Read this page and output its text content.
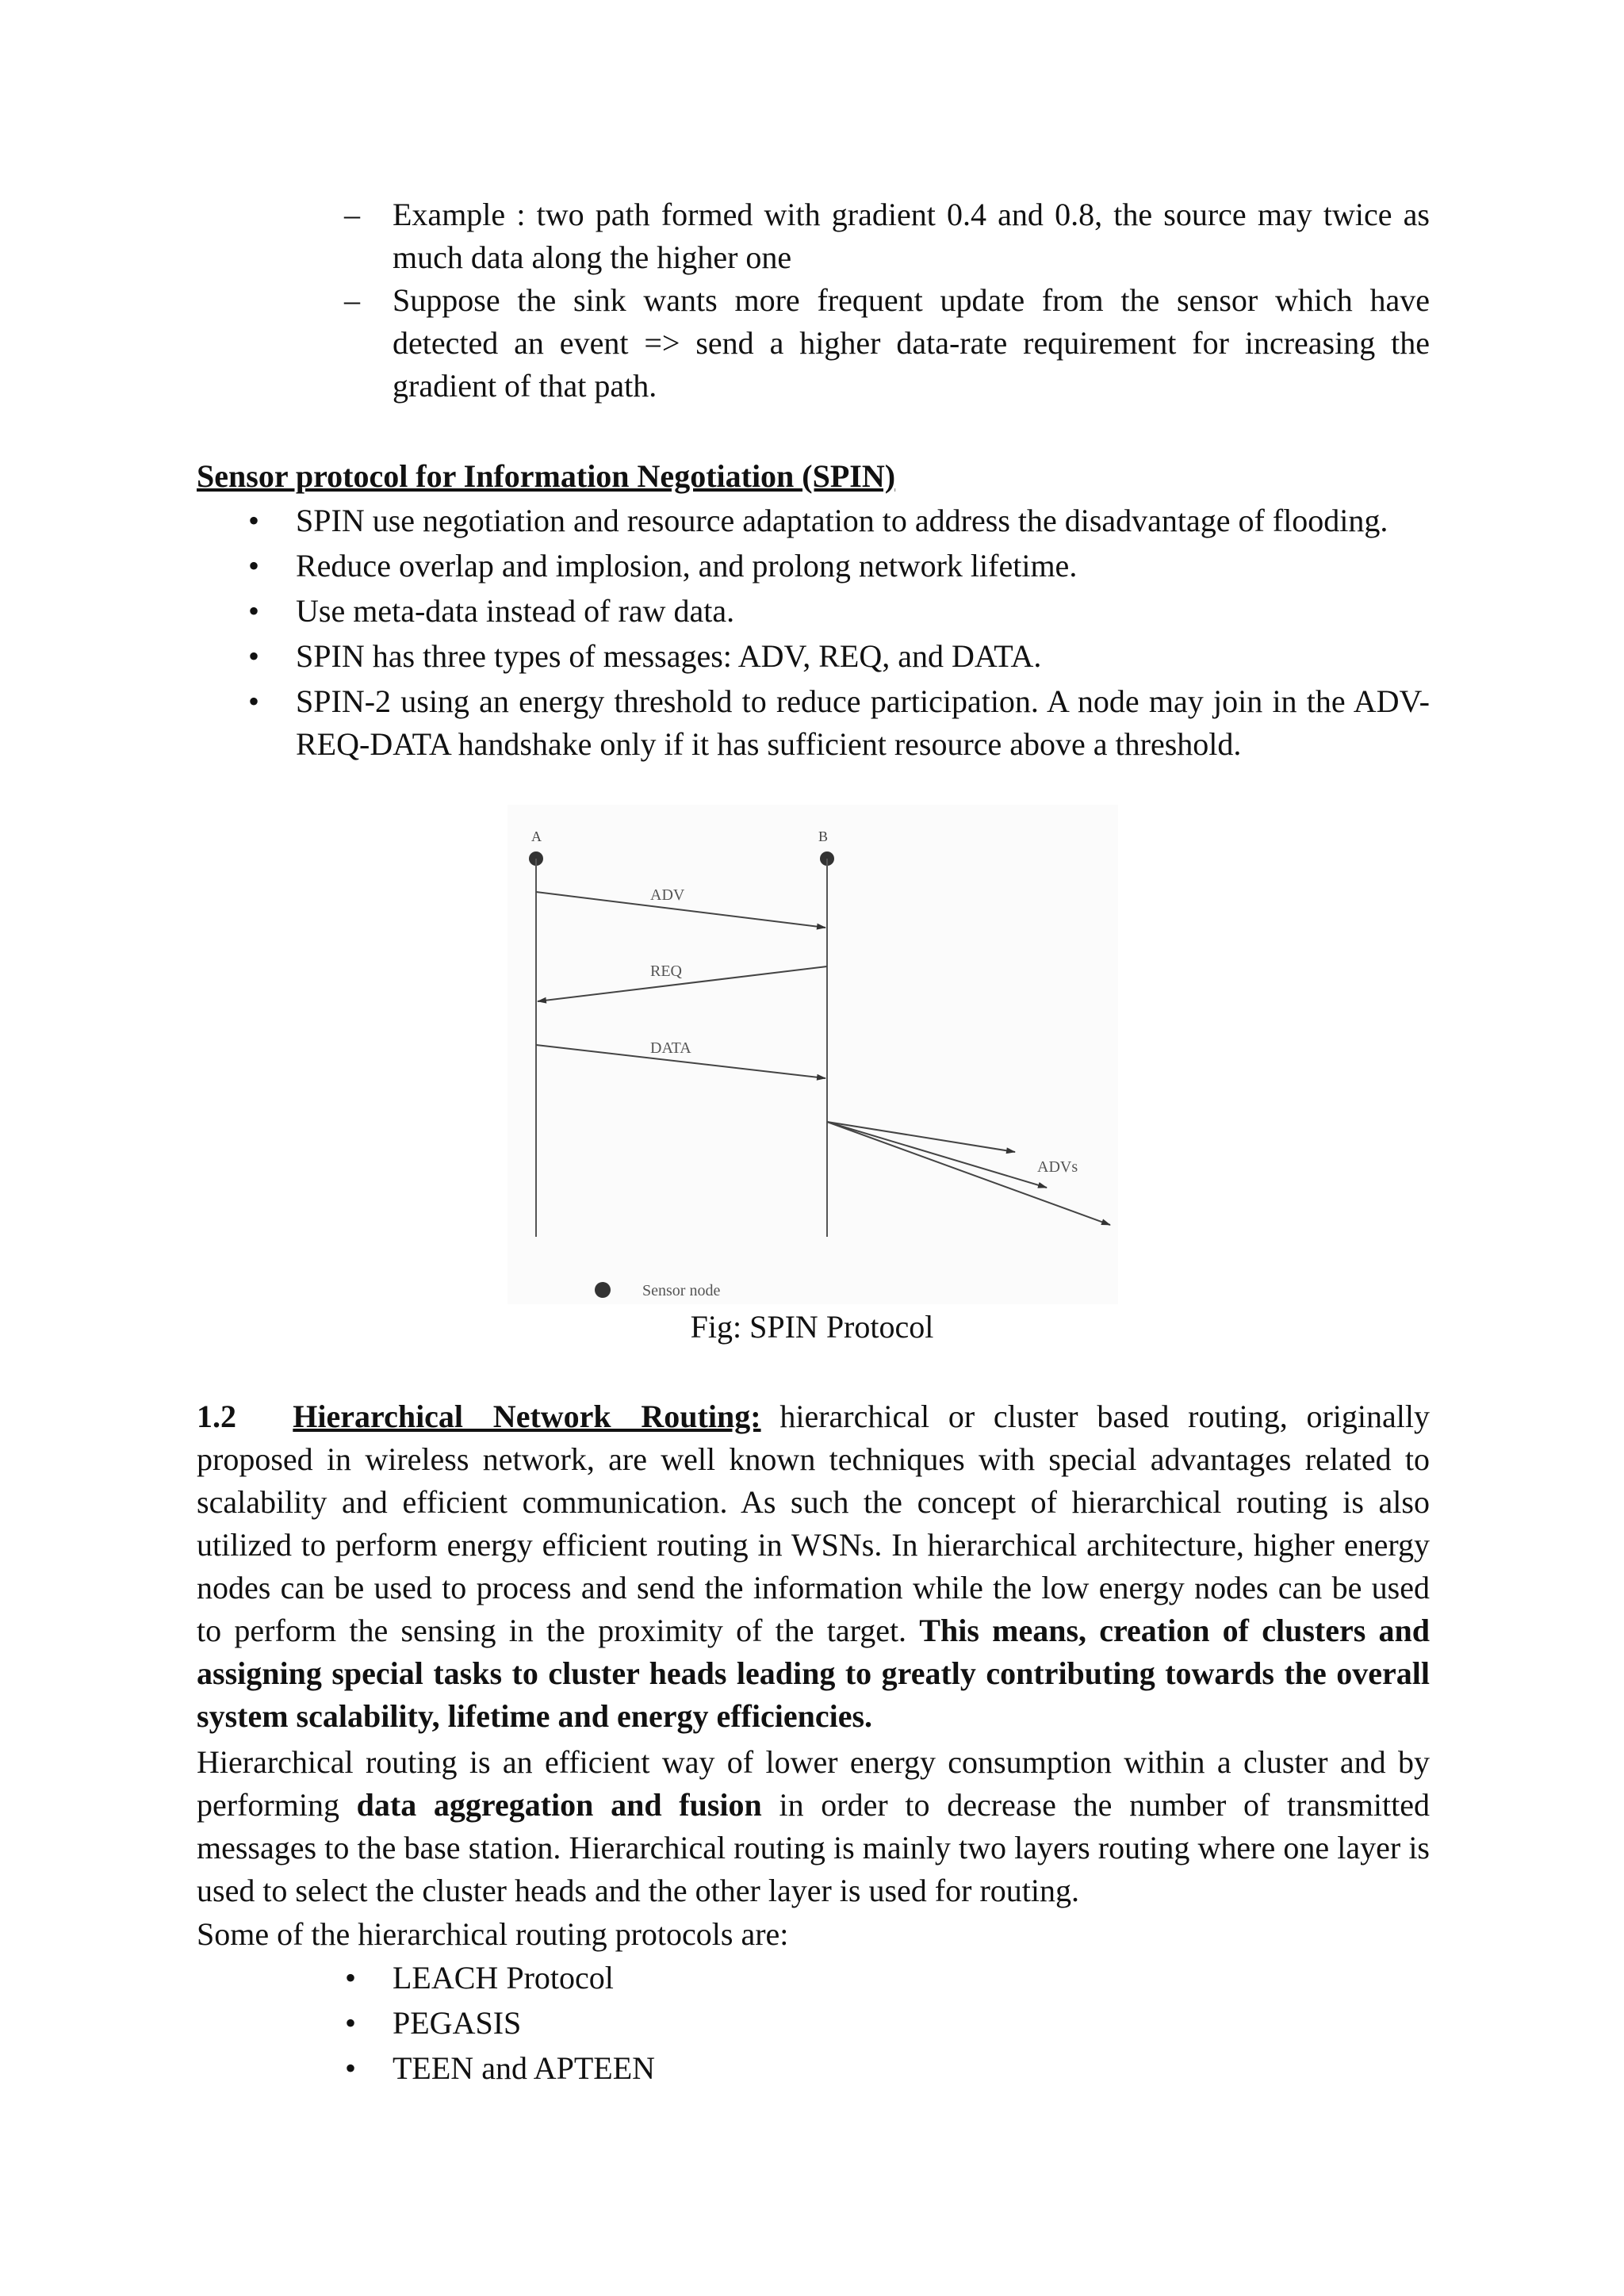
– Example : two path formed with gradient 0.4 and 0.8, the source may twice as much data along the higher one
– Suppose the sink wants more frequent update from the sensor which have detected an event => send a higher data-rate requirement for increasing the gradient of that path.
Sensor protocol for Information Negotiation (SPIN)
• SPIN use negotiation and resource adaptation to address the disadvantage of flooding.
• Reduce overlap and implosion, and prolong network lifetime.
• Use meta-data instead of raw data.
• SPIN has three types of messages: ADV, REQ, and DATA.
• SPIN-2 using an energy threshold to reduce participation. A node may join in the ADV-REQ-DATA handshake only if it has sufficient resource above a threshold.
A	B
ADV
REQ
DATA
ADVs
Sensor node

Fig: SPIN Protocol

1.2 Hierarchical Network Routing: hierarchical or cluster based routing, originally proposed in wireless network, are well known techniques with special advantages related to scalability and efficient communication. As such the concept of hierarchical routing is also utilized to perform energy efficient routing in WSNs. In hierarchical architecture, higher energy nodes can be used to process and send the information while the low energy nodes can be used to perform the sensing in the proximity of the target. This means, creation of clusters and assigning special tasks to cluster heads leading to greatly contributing towards the overall system scalability, lifetime and energy efficiencies.

Hierarchical routing is an efficient way of lower energy consumption within a cluster and by performing data aggregation and fusion in order to decrease the number of transmitted messages to the base station. Hierarchical routing is mainly two layers routing where one layer is used to select the cluster heads and the other layer is used for routing.

Some of the hierarchical routing protocols are:

• LEACH Protocol
• PEGASIS
• TEEN and APTEEN
